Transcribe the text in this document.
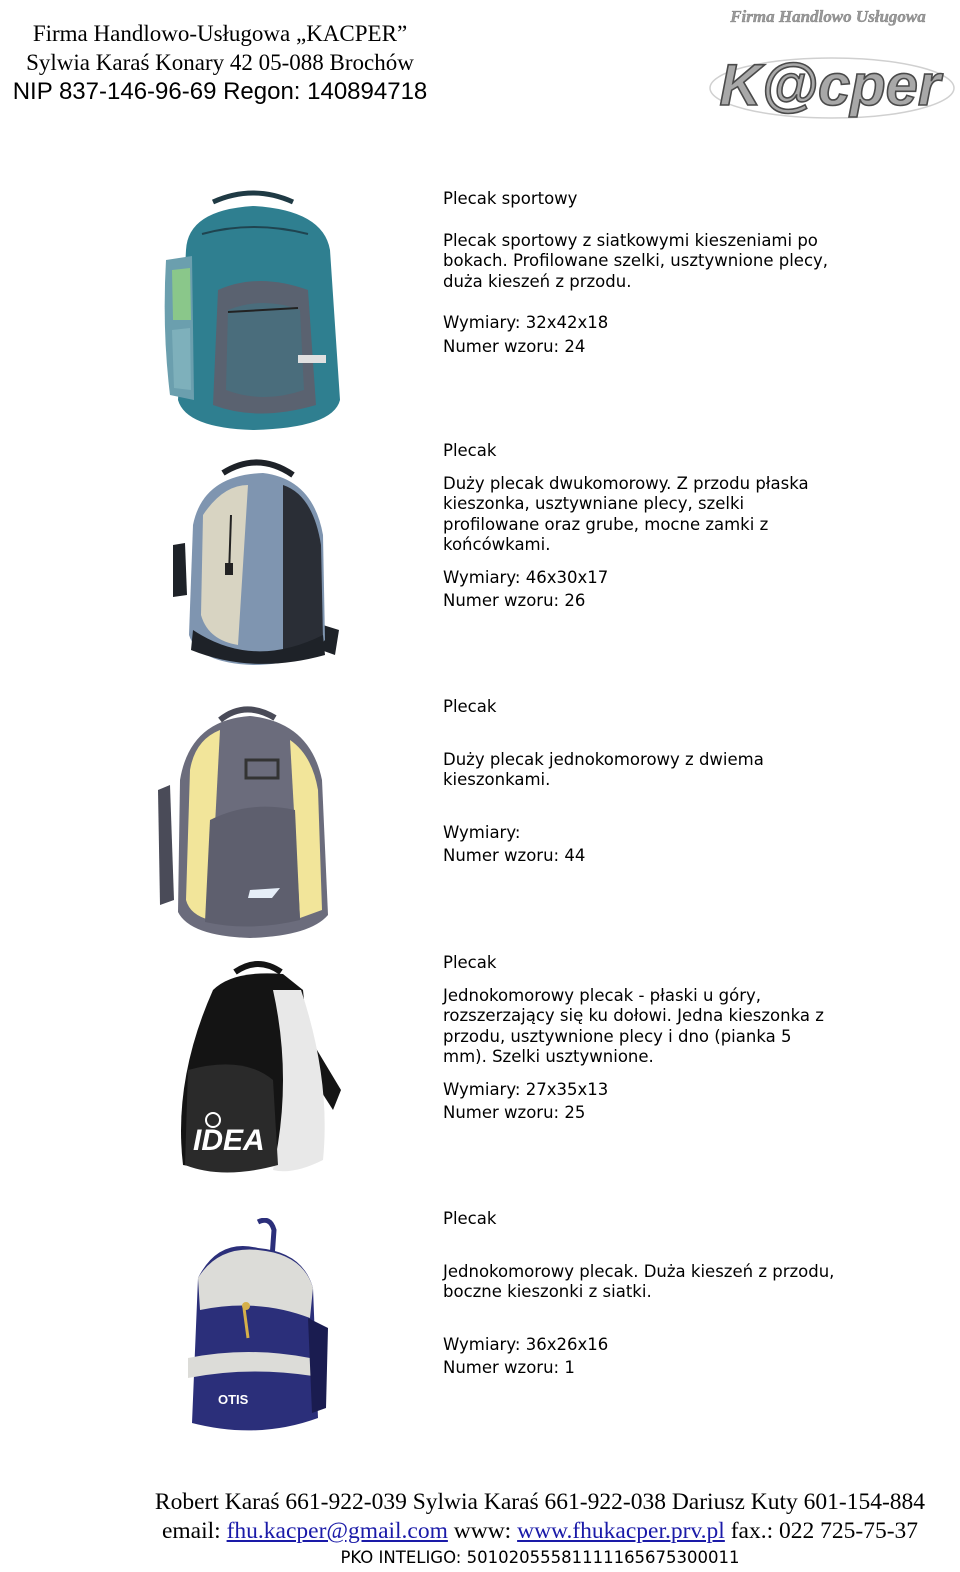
Firma Handlowo-Usługowa „KACPER”
Sylwia Karaś Konary 42 05-088 Brochów
NIP 837-146-96-69 Regon: 140894718
Firma Handlowo Usługowa
K@cper
IDEA
OTIS
Plecak sportowy
Plecak sportowy z siatkowymi kieszeniami po
bokach. Profilowane szelki, usztywnione plecy,
duża kieszeń z przodu.
Wymiary: 32x42x18
Numer wzoru: 24
Plecak
Duży plecak dwukomorowy. Z przodu płaska
kieszonka, usztywniane plecy, szelki
profilowane oraz grube, mocne zamki z
końcówkami.
Wymiary: 46x30x17
Numer wzoru: 26
Plecak
Duży plecak jednokomorowy z dwiema
kieszonkami.
Wymiary:
Numer wzoru: 44
Plecak
Jednokomorowy plecak - płaski u góry,
rozszerzający się ku dołowi. Jedna kieszonka z
przodu, usztywnione plecy i dno (pianka 5
mm). Szelki usztywnione.
Wymiary: 27x35x13
Numer wzoru: 25
Plecak
Jednokomorowy plecak. Duża kieszeń z przodu,
boczne kieszonki z siatki.
Wymiary: 36x26x16
Numer wzoru: 1
Robert Karaś 661-922-039 Sylwia Karaś 661-922-038 Dariusz Kuty 601-154-884
email: fhu.kacper@gmail.com www: www.fhukacper.prv.pl fax.: 022 725-75-37
PKO INTELIGO: 50102055581111165675300011
